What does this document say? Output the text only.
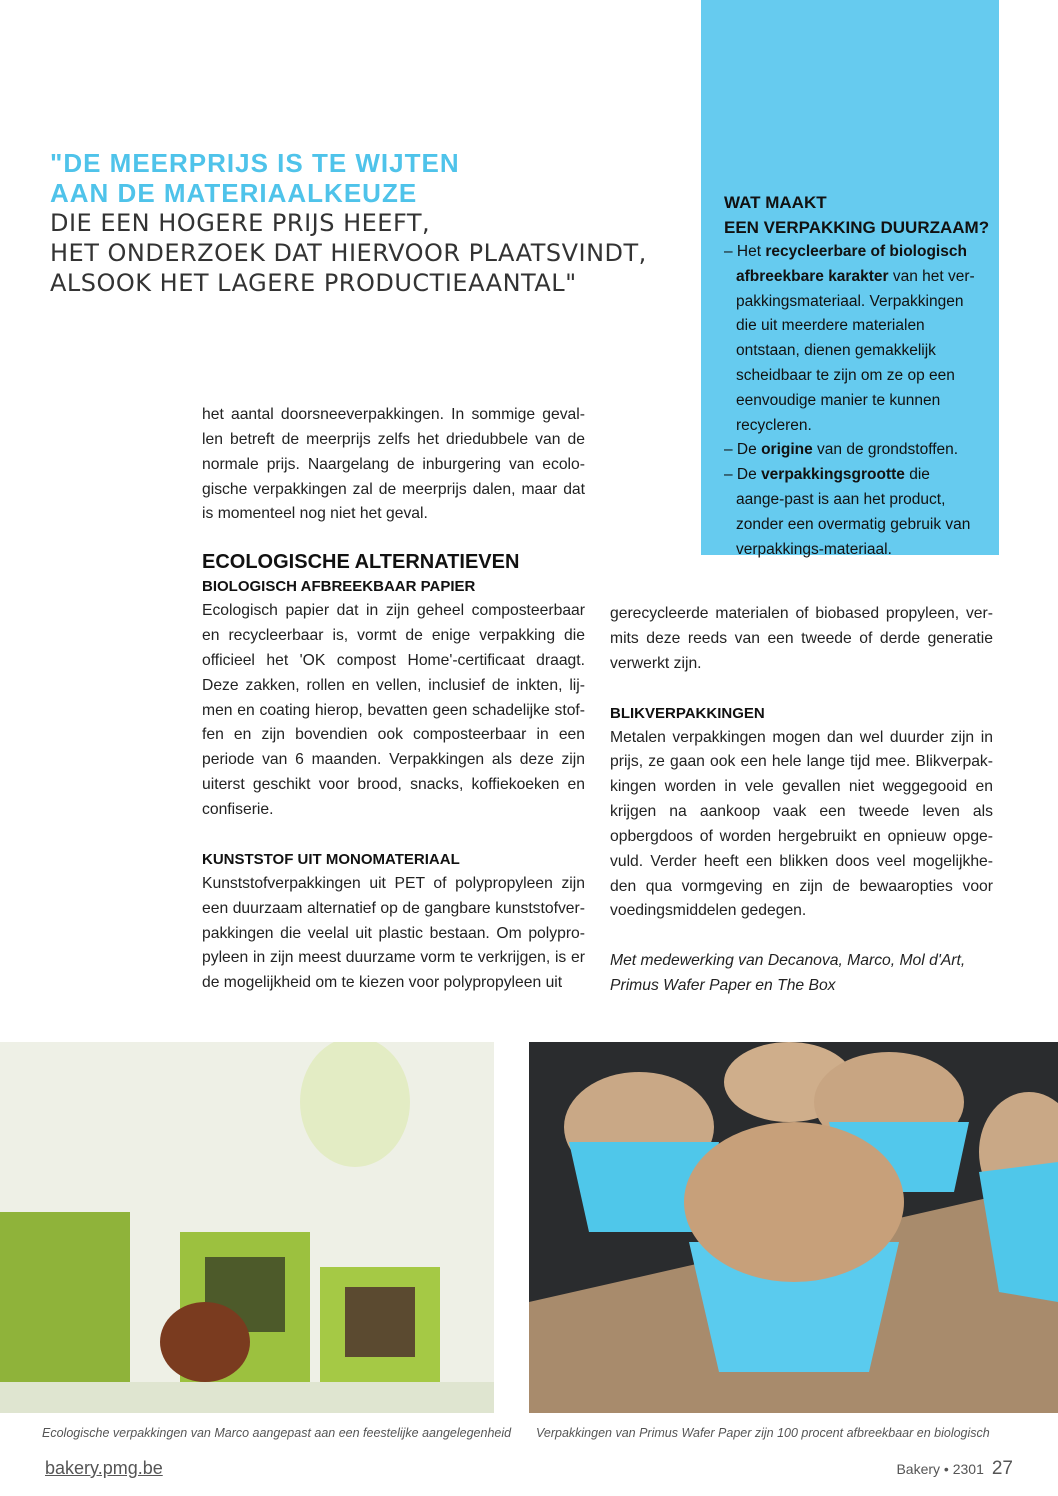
"DE MEERPRIJS IS TE WIJTEN
AAN DE MATERIAALKEUZE
DIE EEN HOGERE PRIJS HEEFT,
HET ONDERZOEK DAT HIERVOOR PLAATSVINDT,
ALSOOK HET LAGERE PRODUCTIEAANTAL"
WAT MAAKT
EEN VERPAKKING DUURZAAM?
– Het recycleerbare of biologisch afbreekbare karakter van het ver-pakkingsmateriaal. Verpakkingen die uit meerdere materialen ontstaan, dienen gemakkelijk scheidbaar te zijn om ze op een eenvoudige manier te kunnen recycleren.
– De origine van de grondstoffen.
– De verpakkingsgrootte die aange-past is aan het product, zonder een overmatig gebruik van verpakkings-materiaal.
het aantal doorsneeverpakkingen. In sommige geval-
len betreft de meerprijs zelfs het driedubbele van de
normale prijs. Naargelang de inburgering van ecolo-
gische verpakkingen zal de meerprijs dalen, maar dat
is momenteel nog niet het geval.
ECOLOGISCHE ALTERNATIEVEN
BIOLOGISCH AFBREEKBAAR PAPIER
Ecologisch papier dat in zijn geheel composteerbaar
en recycleerbaar is, vormt de enige verpakking die
officieel het 'OK compost Home'-certificaat draagt.
Deze zakken, rollen en vellen, inclusief de inkten, lij-
men en coating hierop, bevatten geen schadelijke stof-
fen en zijn bovendien ook composteerbaar in een
periode van 6 maanden. Verpakkingen als deze zijn
uiterst geschikt voor brood, snacks, koffiekoeken en
confiserie.
KUNSTSTOF UIT MONOMATERIAAL
Kunststofverpakkingen uit PET of polypropyleen zijn
een duurzaam alternatief op de gangbare kunststofver-
pakkingen die veelal uit plastic bestaan. Om polypro-
pyleen in zijn meest duurzame vorm te verkrijgen, is er
de mogelijkheid om te kiezen voor polypropyleen uit
gerecycleerde materialen of biobased propyleen, ver-
mits deze reeds van een tweede of derde generatie
verwerkt zijn.
BLIKVERPAKKINGEN
Metalen verpakkingen mogen dan wel duurder zijn in
prijs, ze gaan ook een hele lange tijd mee. Blikverpak-
kingen worden in vele gevallen niet weggegooid en
krijgen na aankoop vaak een tweede leven als
opbergdoos of worden hergebruikt en opnieuw opge-
vuld. Verder heeft een blikken doos veel mogelijkhe-
den qua vormgeving en zijn de bewaaropties voor
voedingsmiddelen gedegen.
Met medewerking van Decanova, Marco, Mol d'Art,
Primus Wafer Paper en The Box
Ecologische verpakkingen van Marco aangepast aan een feestelijke aangelegenheid Verpakkingen van Primus Wafer Paper zijn 100 procent afbreekbaar en biologisch
bakery.pmg.be	Bakery • 2301 27
